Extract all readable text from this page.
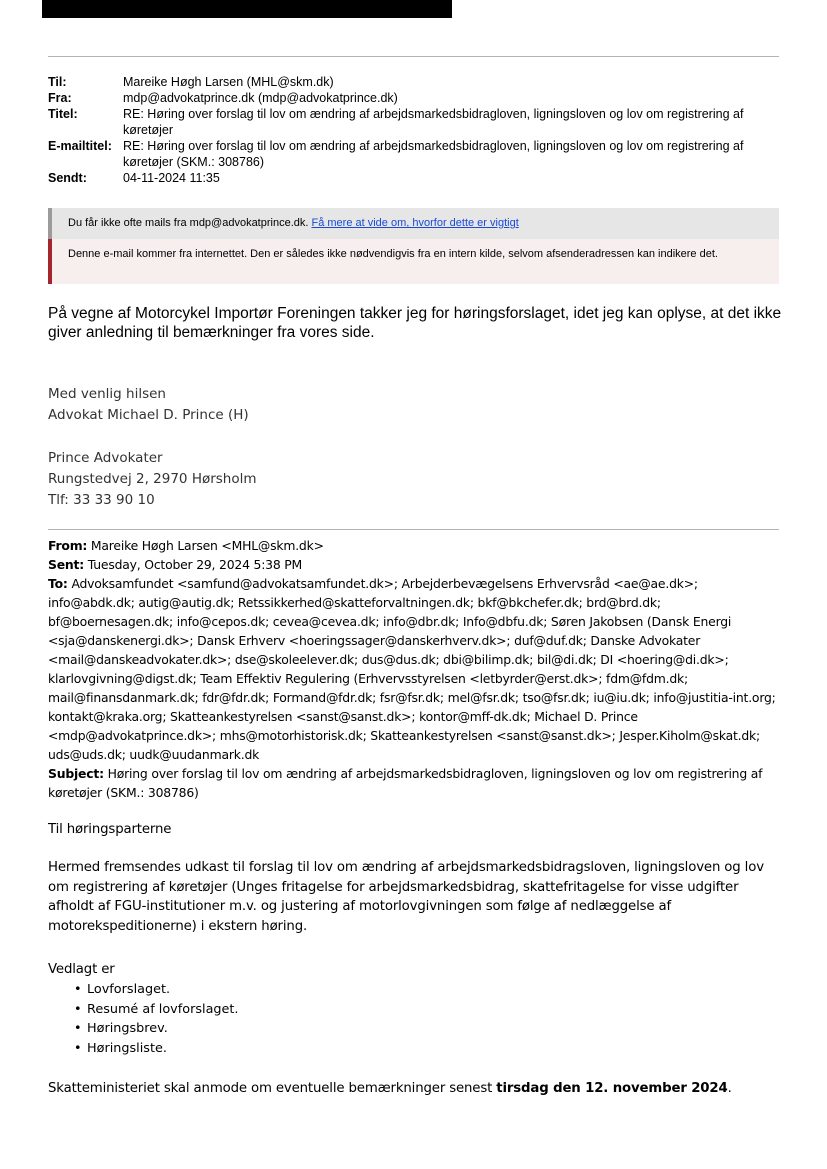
Til:	Mareike Høgh Larsen (MHL@skm.dk)
Fra:	mdp@advokatprince.dk (mdp@advokatprince.dk)
Titel:	RE: Høring over forslag til lov om ændring af arbejdsmarkedsbidragloven, ligningsloven og lov om registrering af køretøjer
E-mailtitel: RE: Høring over forslag til lov om ændring af arbejdsmarkedsbidragloven, ligningsloven og lov om registrering af køretøjer (SKM.: 308786)
Sendt:	04-11-2024 11:35
Du får ikke ofte mails fra mdp@advokatprince.dk. Få mere at vide om, hvorfor dette er vigtigt
Denne e-mail kommer fra internettet. Den er således ikke nødvendigvis fra en intern kilde, selvom afsenderadressen kan indikere det.
På vegne af Motorcykel Importør Foreningen takker jeg for høringsforslaget, idet jeg kan oplyse, at det ikke giver anledning til bemærkninger fra vores side.
Med venlig hilsen
Advokat Michael D. Prince (H)
Prince Advokater
Rungstedvej 2, 2970 Hørsholm
Tlf: 33 33 90 10
From: Mareike Høgh Larsen <MHL@skm.dk>
Sent: Tuesday, October 29, 2024 5:38 PM
To: Advoksamfundet <samfund@advokatsamfundet.dk>; Arbejderbevægelsens Erhvervsråd <ae@ae.dk>; info@abdk.dk; autig@autig.dk; Retssikkerhed@skatteforvaltningen.dk; bkf@bkchefer.dk; brd@brd.dk; bf@boernesagen.dk; info@cepos.dk; cevea@cevea.dk; info@dbr.dk; Info@dbfu.dk; Søren Jakobsen (Dansk Energi <sja@danskenergi.dk>; Dansk Erhverv <hoeringssager@danskerhverv.dk>; duf@duf.dk; Danske Advokater <mail@danskeadvokater.dk>; dse@skoleelever.dk; dus@dus.dk; dbi@bilimp.dk; bil@di.dk; DI <hoering@di.dk>; klarlovgivning@digst.dk; Team Effektiv Regulering (Erhvervsstyrelsen <letbyrder@erst.dk>; fdm@fdm.dk; mail@finansdanmark.dk; fdr@fdr.dk; Formand@fdr.dk; fsr@fsr.dk; mel@fsr.dk; tso@fsr.dk; iu@iu.dk; info@justitia-int.org; kontakt@kraka.org; Skatteankestyrelsen <sanst@sanst.dk>; kontor@mff-dk.dk; Michael D. Prince <mdp@advokatprince.dk>; mhs@motorhistorisk.dk; Skatteankestyrelsen <sanst@sanst.dk>; Jesper.Kiholm@skat.dk; uds@uds.dk; uudk@uudanmark.dk
Subject: Høring over forslag til lov om ændring af arbejdsmarkedsbidragloven, ligningsloven og lov om registrering af køretøjer (SKM.: 308786)
Til høringsparterne
Hermed fremsendes udkast til forslag til lov om ændring af arbejdsmarkedsbidragsloven, ligningsloven og lov om registrering af køretøjer (Unges fritagelse for arbejdsmarkedsbidrag, skattefritagelse for visse udgifter afholdt af FGU-institutioner m.v. og justering af motorlovgivningen som følge af nedlæggelse af motorekspeditionerne) i ekstern høring.
Vedlagt er
• Lovforslaget.
• Resumé af lovforslaget.
• Høringsbrev.
• Høringsliste.
Skatteministeriet skal anmode om eventuelle bemærkninger senest tirsdag den 12. november 2024.
